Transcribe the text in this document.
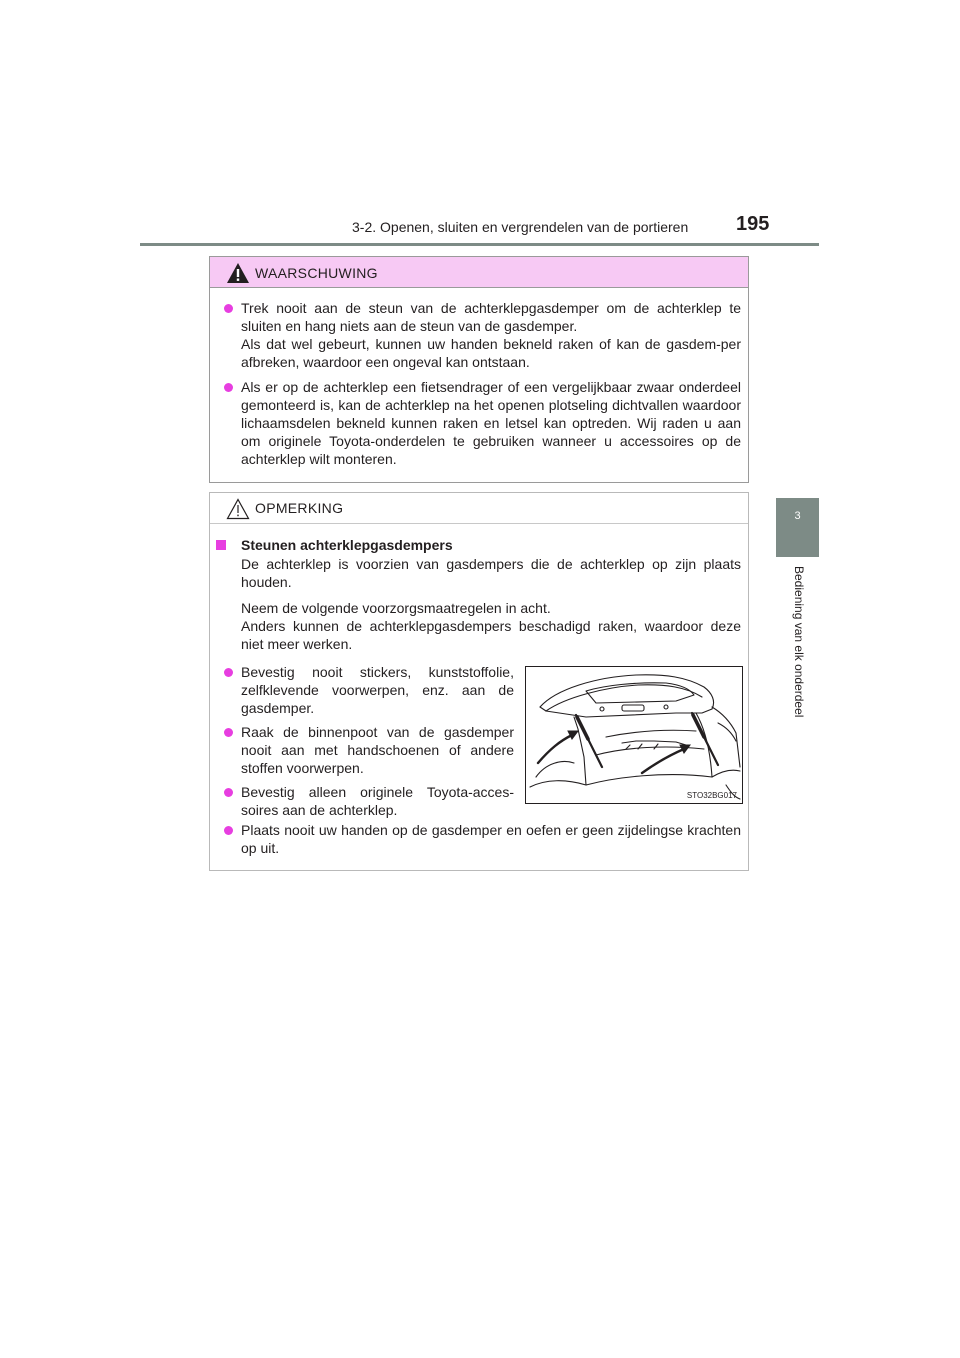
3-2. Openen, sluiten en vergrendelen van de portieren	195
3
Bediening van elk onderdeel
WAARSCHUWING

Trek nooit aan de steun van de achterklepgasdemper om de achterklep te sluiten en hang niets aan de steun van de gasdemper.

Als dat wel gebeurt, kunnen uw handen bekneld raken of kan de gasdem-per afbreken, waardoor een ongeval kan ontstaan.

Als er op de achterklep een fietsendrager of een vergelijkbaar zwaar onderdeel gemonteerd is, kan de achterklep na het openen plotseling dichtvallen waardoor lichaamsdelen bekneld kunnen raken en letsel kan optreden. Wij raden u aan om originele Toyota-onderdelen te gebruiken wanneer u accessoires op de achterklep wilt monteren.

OPMERKING
Steunen achterklepgasdempers

De achterklep is voorzien van gasdempers die de achterklep op zijn plaats houden.

Neem de volgende voorzorgsmaatregelen in acht.
Anders kunnen de achterklepgasdempers beschadigd raken, waardoor deze niet meer werken.

Bevestig nooit stickers, kunststoffolie, zelfklevende voorwerpen, enz. aan de gasdemper.

Raak de binnenpoot van de gasdemper nooit aan met handschoenen of andere stoffen voorwerpen.

Bevestig alleen originele Toyota-acces-soires aan de achterklep.

STO32BG017

Plaats nooit uw handen op de gasdemper en oefen er geen zijdelingse krachten op uit.
